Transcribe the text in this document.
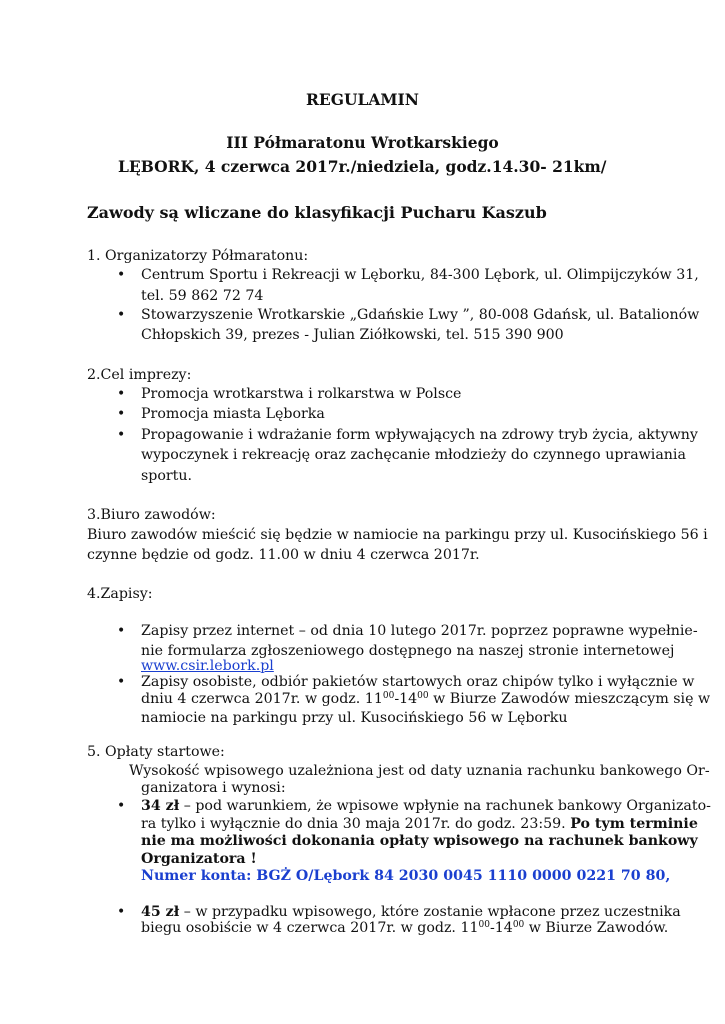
REGULAMIN
III Półmaratonu Wrotkarskiego
LĘBORK, 4 czerwca 2017r./niedziela, godz.14.30- 21km/
Zawody są wliczane do klasyfikacji Pucharu Kaszub
1. Organizatorzy Półmaratonu:
• Centrum Sportu i Rekreacji w Lęborku, 84-300 Lębork, ul. Olimpijczyków 31,
tel. 59 862 72 74
• Stowarzyszenie Wrotkarskie „Gdańskie Lwy ”, 80-008 Gdańsk, ul. Batalionów
Chłopskich 39, prezes - Julian Ziółkowski, tel. 515 390 900
2.Cel imprezy:
• Promocja wrotkarstwa i rolkarstwa w Polsce
• Promocja miasta Lęborka
• Propagowanie i wdrażanie form wpływających na zdrowy tryb życia, aktywny
wypoczynek i rekreację oraz zachęcanie młodzieży do czynnego uprawiania
sportu.
3.Biuro zawodów:
Biuro zawodów mieścić się będzie w namiocie na parkingu przy ul. Kusocińskiego 56 i
czynne będzie od godz. 11.00 w dniu 4 czerwca 2017r.
4.Zapisy:
• Zapisy przez internet – od dnia 10 lutego 2017r. poprzez poprawne wypełnie-
nie formularza zgłoszeniowego dostępnego na naszej stronie internetowej
www.csir.lebork.pl
• Zapisy osobiste, odbiór pakietów startowych oraz chipów tylko i wyłącznie w
dniu 4 czerwca 2017r. w godz. $11^{00}-14^{00}$ w Biurze Zawodów mieszczącym się w
namiocie na parkingu przy ul. Kusocińskiego 56 w Lęborku
5. Opłaty startowe:
Wysokość wpisowego uzależniona jest od daty uznania rachunku bankowego Or-
ganizatora i wynosi:
• 34 zł – pod warunkiem, że wpisowe wpłynie na rachunek bankowy Organizato-
ra tylko i wyłącznie do dnia 30 maja 2017r. do godz. 23:59. Po tym terminie
nie ma możliwości dokonania opłaty wpisowego na rachunek bankowy
Organizatora !
Numer konta: BGŻ O/Lębork 84 2030 0045 1110 0000 0221 70 80,
• 45 zł – w przypadku wpisowego, które zostanie wpłacone przez uczestnika
biegu osobiście w 4 czerwca 2017r. w godz. $11^{00}-14^{00}$ w Biurze Zawodów.
